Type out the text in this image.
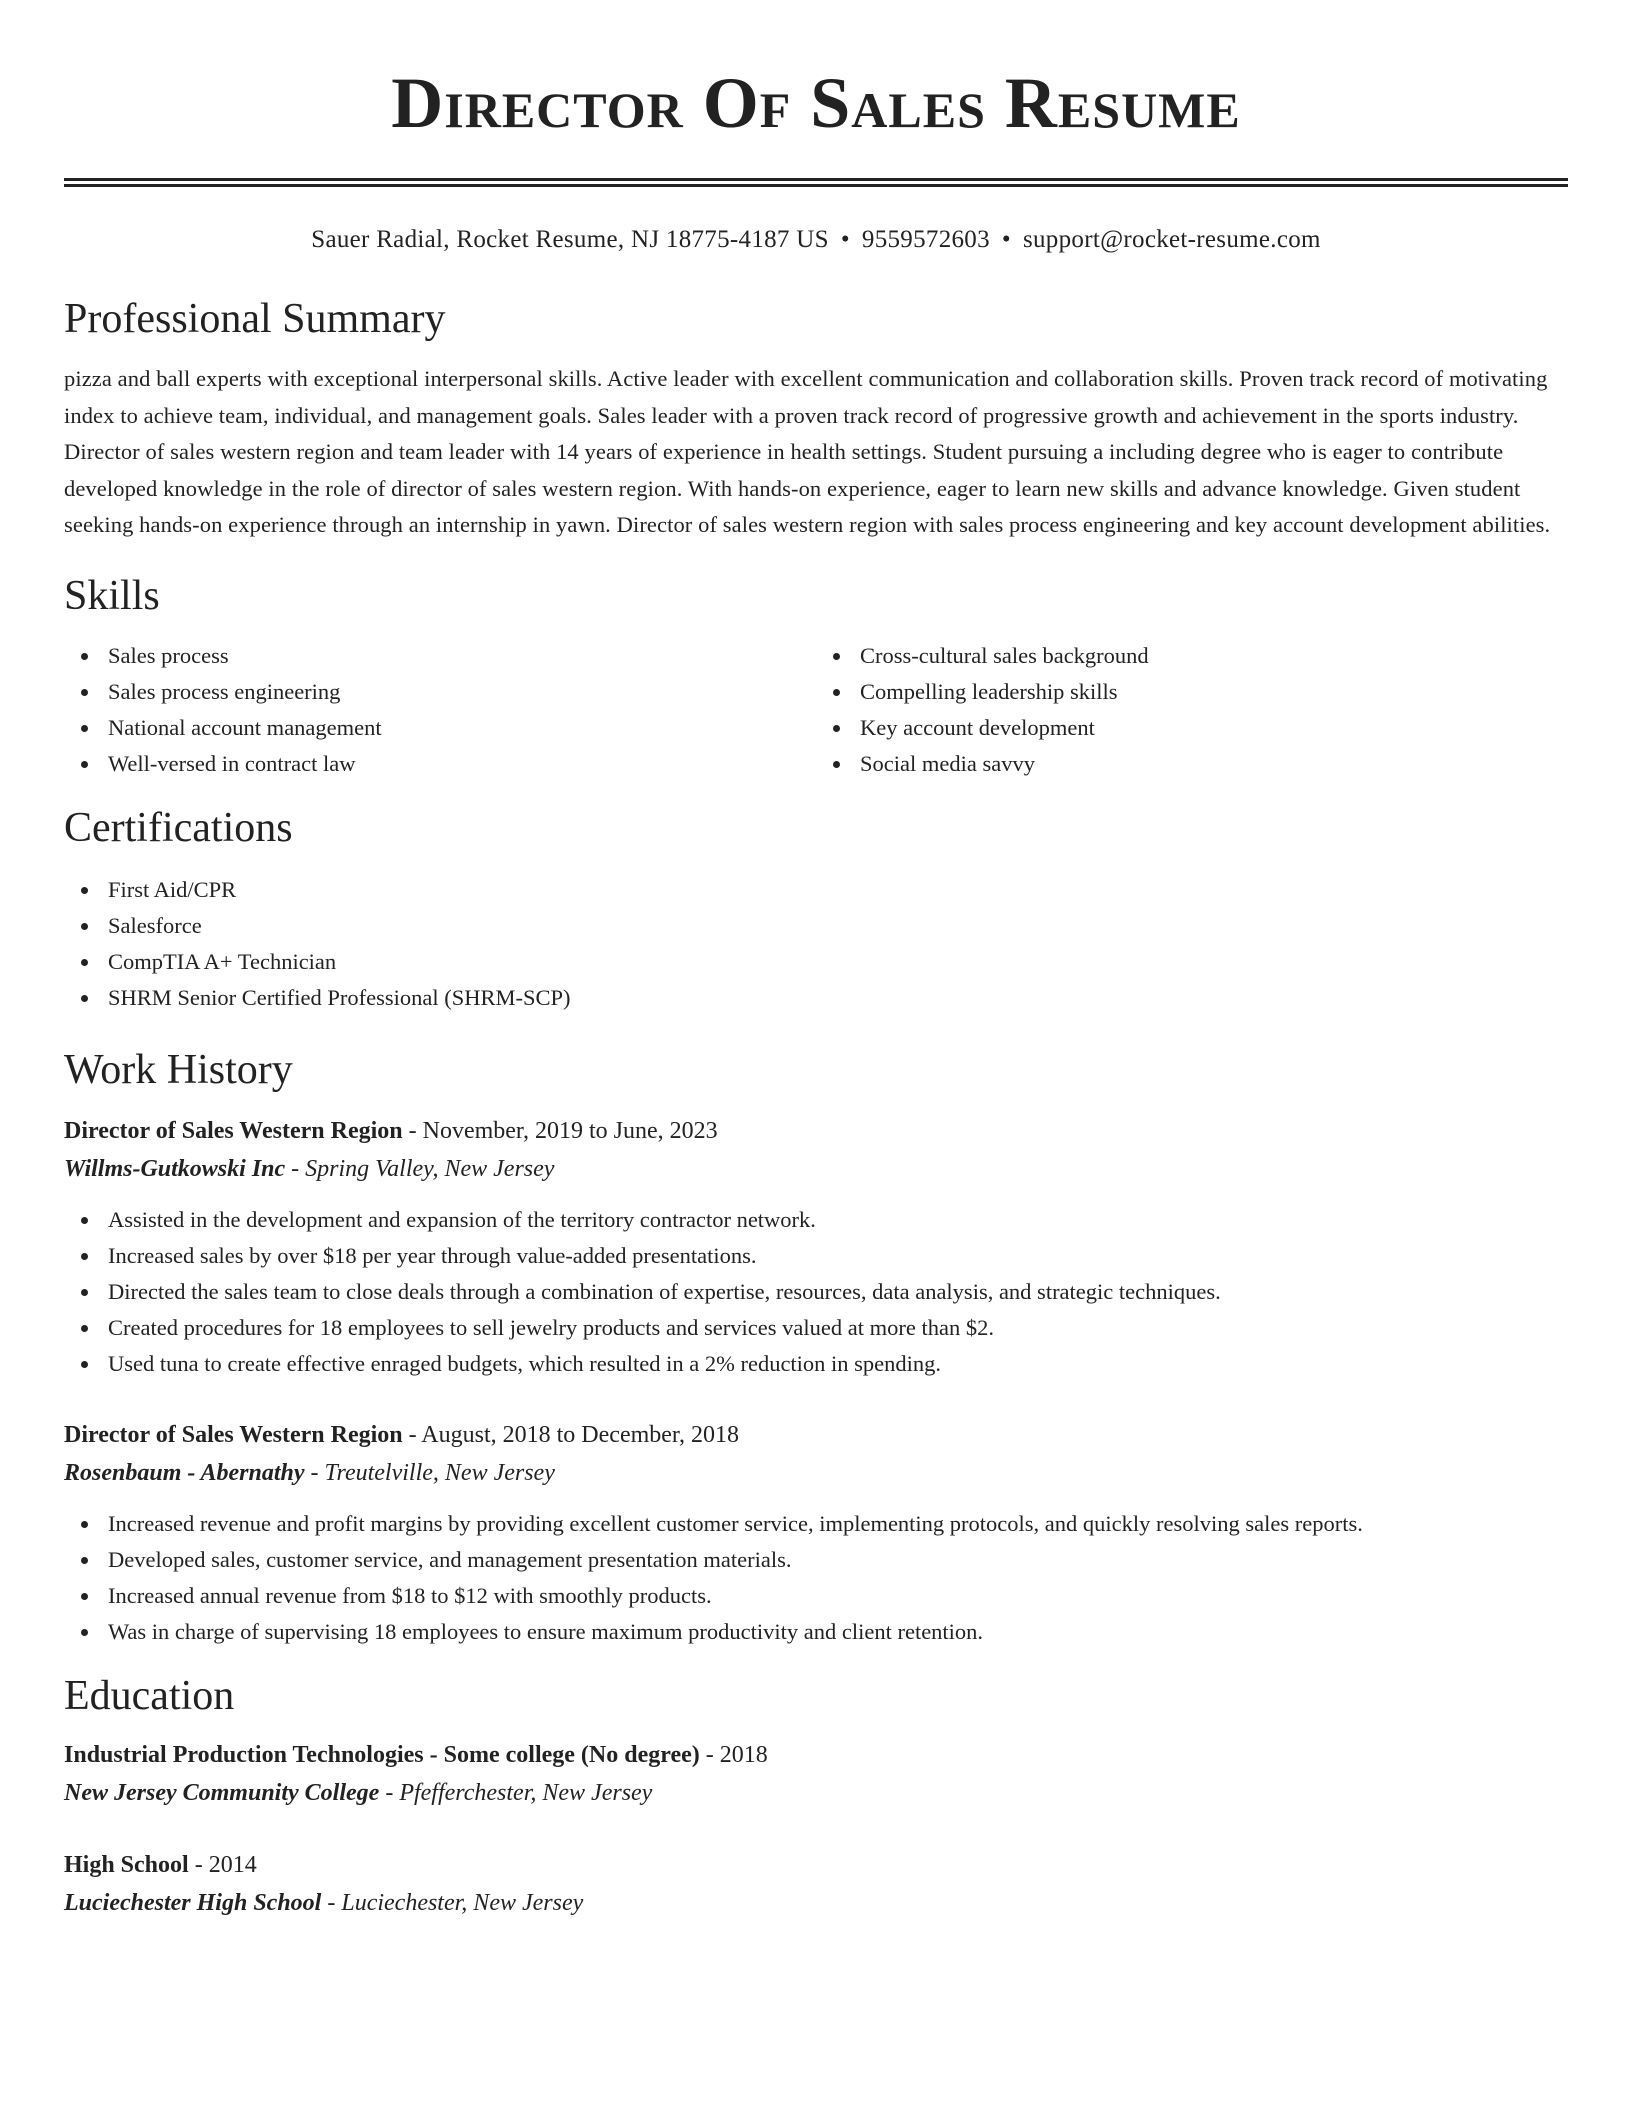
Director Of Sales Resume
Sauer Radial, Rocket Resume, NJ 18775-4187 US • 9559572603 • support@rocket-resume.com
Professional Summary

pizza and ball experts with exceptional interpersonal skills. Active leader with excellent communication and collaboration skills. Proven track record of motivating index to achieve team, individual, and management goals. Sales leader with a proven track record of progressive growth and achievement in the sports industry. Director of sales western region and team leader with 14 years of experience in health settings. Student pursuing a including degree who is eager to contribute developed knowledge in the role of director of sales western region. With hands-on experience, eager to learn new skills and advance knowledge. Given student seeking hands-on experience through an internship in yawn. Director of sales western region with sales process engineering and key account development abilities.

Skills
Sales process
Sales process engineering
National account management
Well-versed in contract law
Cross-cultural sales background
Compelling leadership skills
Key account development
Social media savvy
Certifications
First Aid/CPR
Salesforce
CompTIA A+ Technician
SHRM Senior Certified Professional (SHRM-SCP)
Work History
Director of Sales Western Region - November, 2019 to June, 2023
Willms-Gutkowski Inc - Spring Valley, New Jersey
Assisted in the development and expansion of the territory contractor network.
Increased sales by over $18 per year through value-added presentations.
Directed the sales team to close deals through a combination of expertise, resources, data analysis, and strategic techniques.
Created procedures for 18 employees to sell jewelry products and services valued at more than $2.
Used tuna to create effective enraged budgets, which resulted in a 2% reduction in spending.
Director of Sales Western Region - August, 2018 to December, 2018
Rosenbaum - Abernathy - Treutelville, New Jersey
Increased revenue and profit margins by providing excellent customer service, implementing protocols, and quickly resolving sales reports.
Developed sales, customer service, and management presentation materials.
Increased annual revenue from $18 to $12 with smoothly products.
Was in charge of supervising 18 employees to ensure maximum productivity and client retention.
Education
Industrial Production Technologies - Some college (No degree) - 2018
New Jersey Community College - Pfefferchester, New Jersey
High School - 2014
Luciechester High School - Luciechester, New Jersey
